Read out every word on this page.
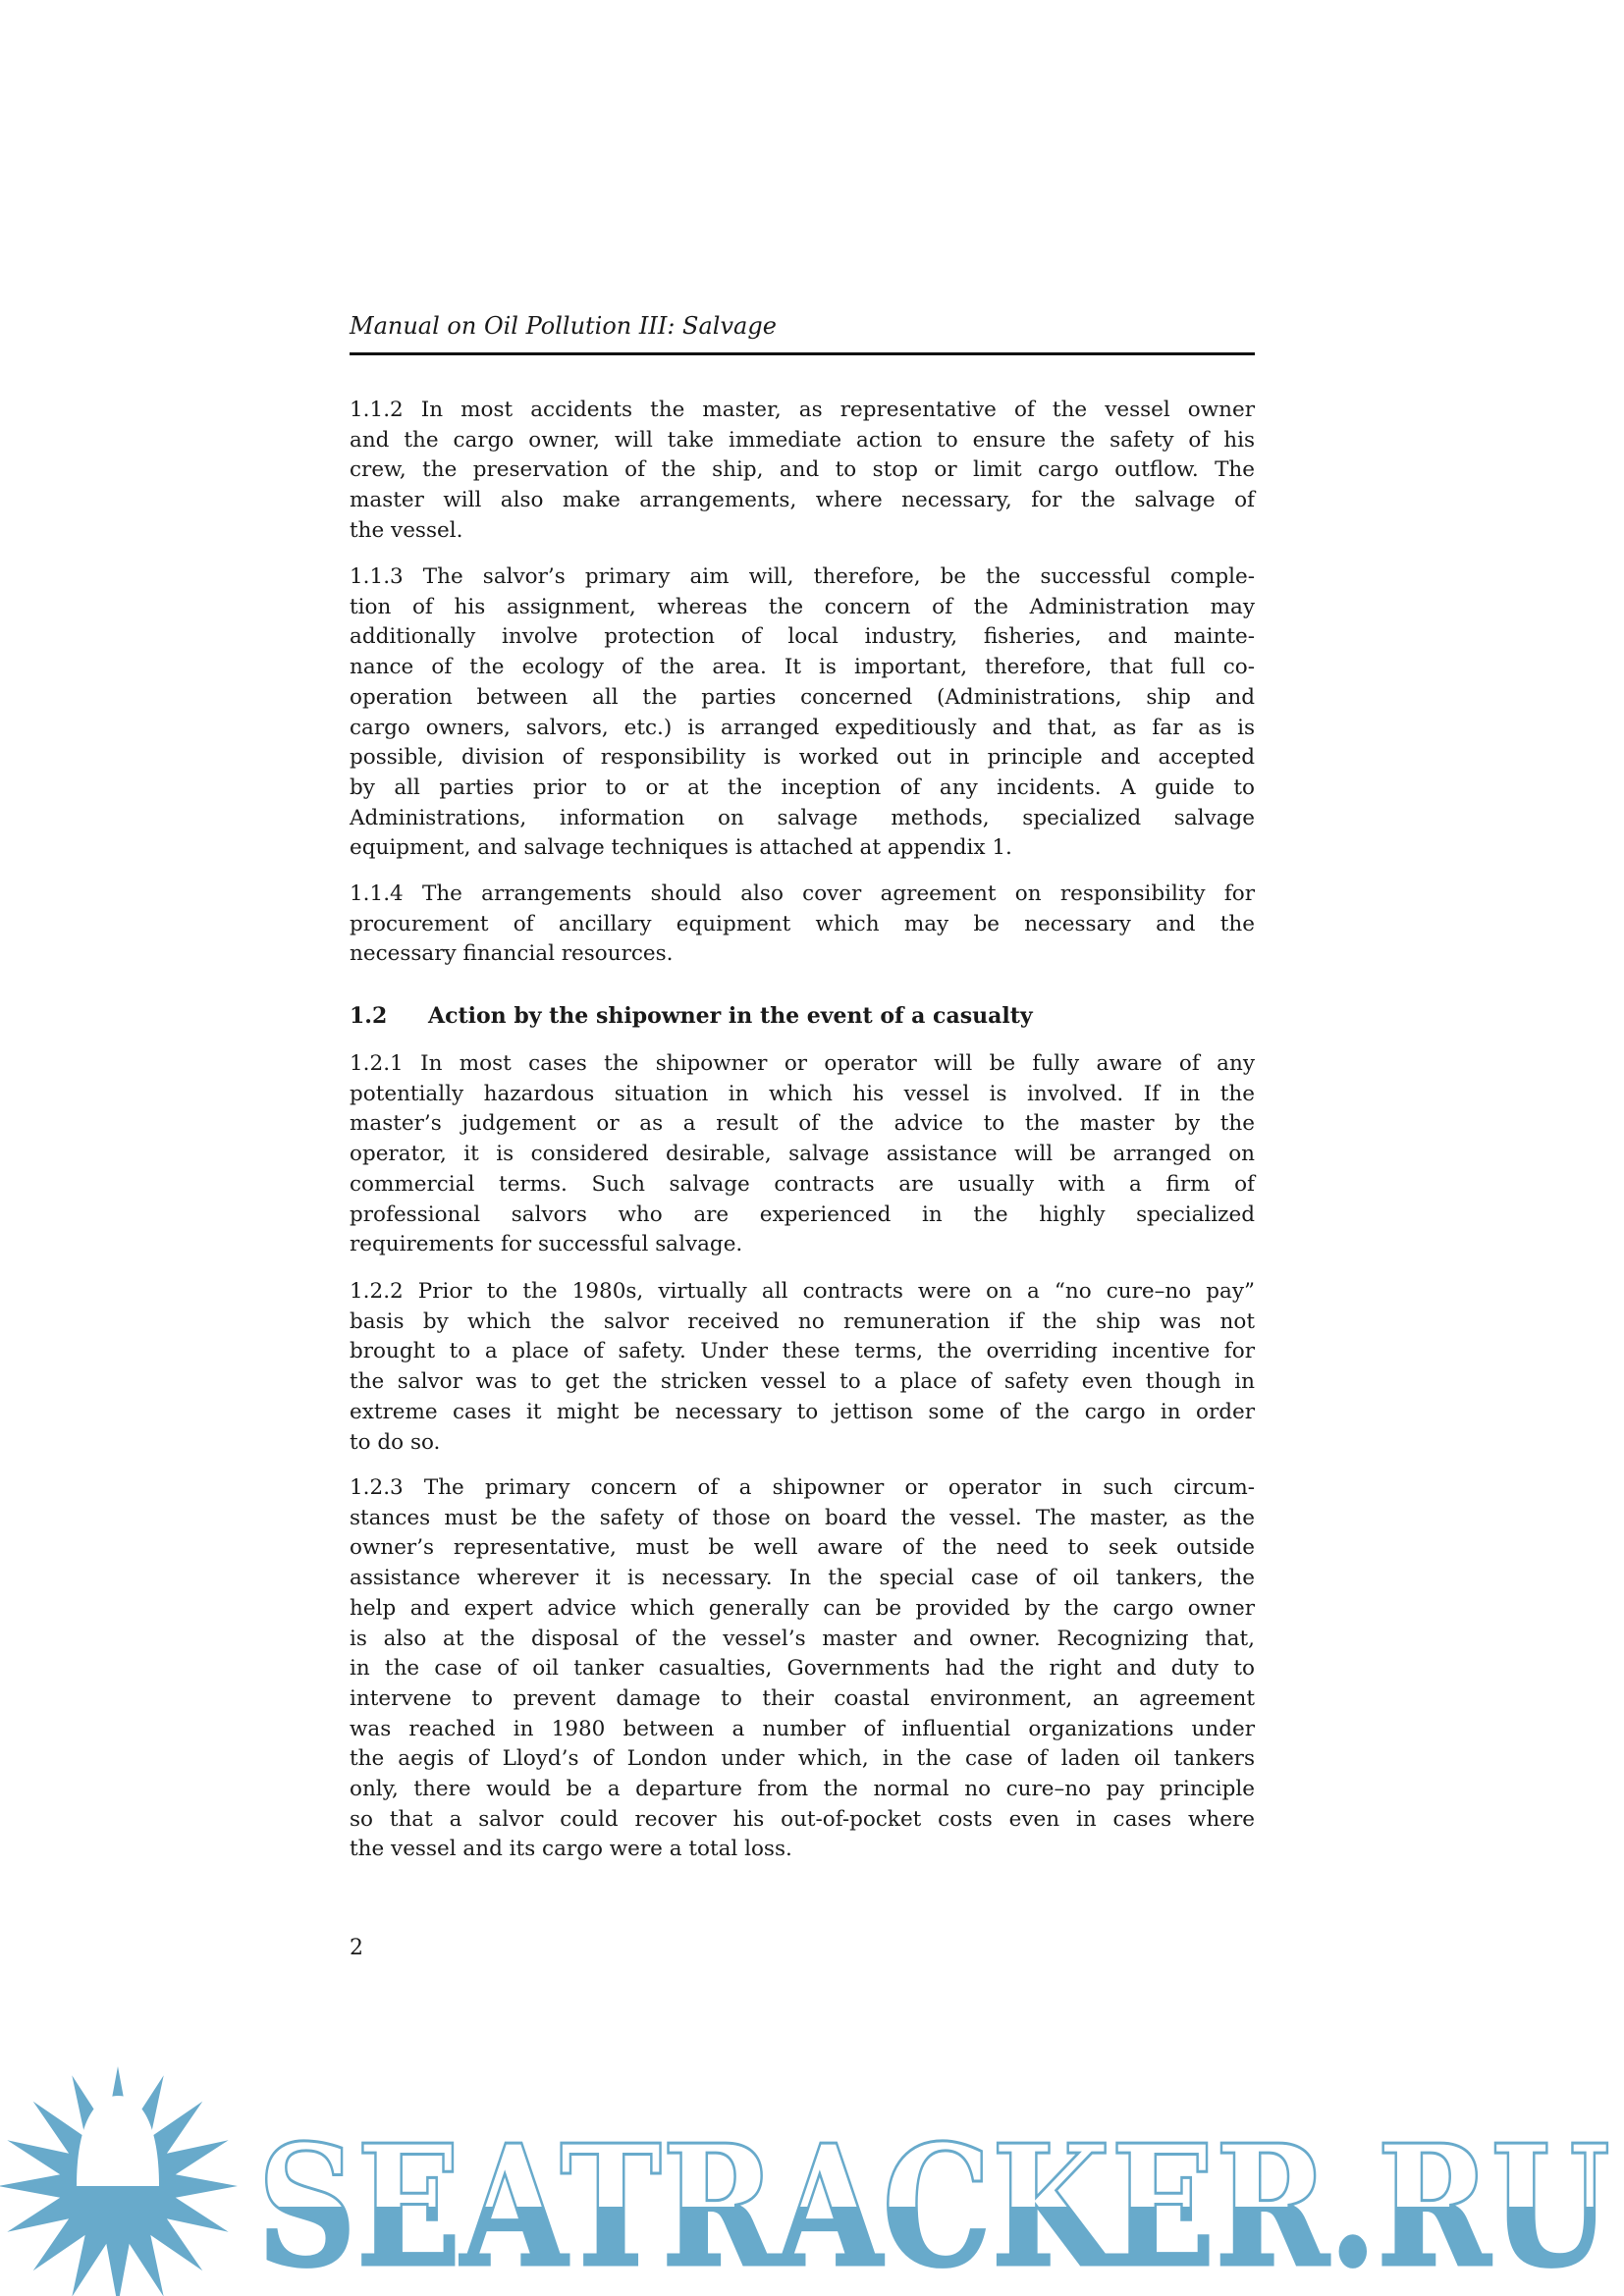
Manual on Oil Pollution III: Salvage
1.1.2 In most accidents the master, as representative of the vessel owner
and the cargo owner, will take immediate action to ensure the safety of his
crew, the preservation of the ship, and to stop or limit cargo outflow. The
master will also make arrangements, where necessary, for the salvage of
the vessel.
1.1.3 The salvor’s primary aim will, therefore, be the successful comple-
tion of his assignment, whereas the concern of the Administration may
additionally involve protection of local industry, fisheries, and mainte-
nance of the ecology of the area. It is important, therefore, that full co-
operation between all the parties concerned (Administrations, ship and
cargo owners, salvors, etc.) is arranged expeditiously and that, as far as is
possible, division of responsibility is worked out in principle and accepted
by all parties prior to or at the inception of any incidents. A guide to
Administrations, information on salvage methods, specialized salvage
equipment, and salvage techniques is attached at appendix 1.
1.1.4 The arrangements should also cover agreement on responsibility for
procurement of ancillary equipment which may be necessary and the
necessary financial resources.
1.2 Action by the shipowner in the event of a casualty
1.2.1 In most cases the shipowner or operator will be fully aware of any
potentially hazardous situation in which his vessel is involved. If in the
master’s judgement or as a result of the advice to the master by the
operator, it is considered desirable, salvage assistance will be arranged on
commercial terms. Such salvage contracts are usually with a firm of
professional salvors who are experienced in the highly specialized
requirements for successful salvage.
1.2.2 Prior to the 1980s, virtually all contracts were on a “no cure–no pay”
basis by which the salvor received no remuneration if the ship was not
brought to a place of safety. Under these terms, the overriding incentive for
the salvor was to get the stricken vessel to a place of safety even though in
extreme cases it might be necessary to jettison some of the cargo in order
to do so.
1.2.3 The primary concern of a shipowner or operator in such circum-
stances must be the safety of those on board the vessel. The master, as the
owner’s representative, must be well aware of the need to seek outside
assistance wherever it is necessary. In the special case of oil tankers, the
help and expert advice which generally can be provided by the cargo owner
is also at the disposal of the vessel’s master and owner. Recognizing that,
in the case of oil tanker casualties, Governments had the right and duty to
intervene to prevent damage to their coastal environment, an agreement
was reached in 1980 between a number of influential organizations under
the aegis of Lloyd’s of London under which, in the case of laden oil tankers
only, there would be a departure from the normal no cure–no pay principle
so that a salvor could recover his out-of-pocket costs even in cases where
the vessel and its cargo were a total loss.
2
SEATRACKER.RU
